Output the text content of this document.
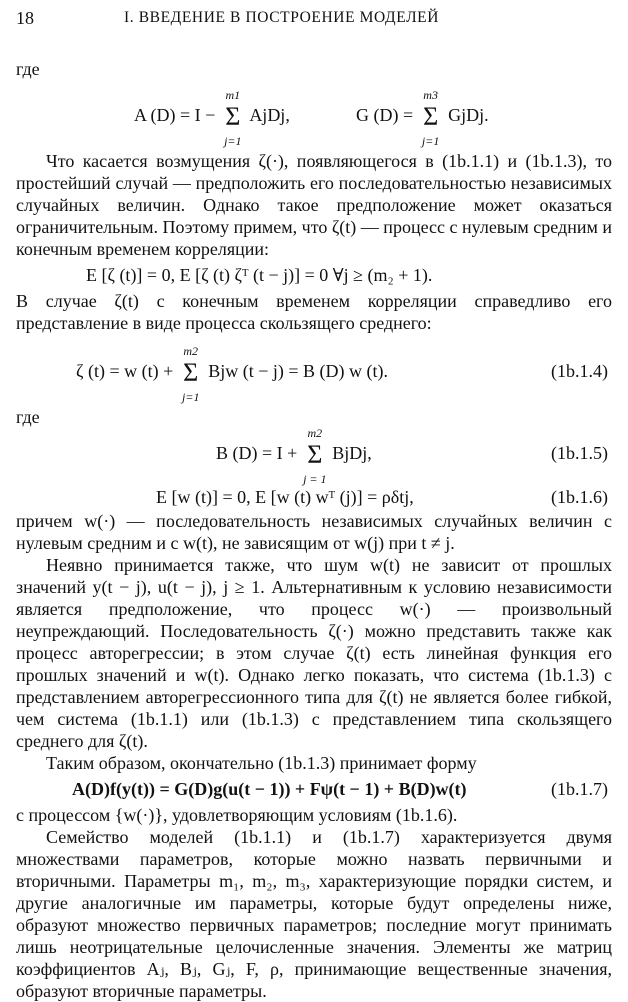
18	I. ВВЕДЕНИЕ В ПОСТРОЕНИЕ МОДЕЛЕЙ
где
A (D) = I −
m1
Σ
j=1
AjDj,	G (D) =
m3
Σ
j=1
GjDj.
Что касается возмущения ζ(·), появляющегося в (1b.1.1) и (1b.1.3), то простейший случай — предположить его последовательностью независимых случайных величин. Однако такое предположение может оказаться ограничительным. Поэтому примем, что ζ(t) — процесс с нулевым средним и конечным временем корреляции:
E [ζ (t)] = 0, E [ζ (t) ζᵀ (t − j)] = 0 ∀j ≥ (m₂ + 1).
В случае ζ(t) с конечным временем корреляции справедливо его представление в виде процесса скользящего среднего:
ζ (t) = w (t) +
m2
Σ
j=1
Bjw (t − j) = B (D) w (t).	(1b.1.4)
где
B (D) = I +
m2
Σ
j = 1
BjDj,	(1b.1.5)
E [w (t)] = 0, E [w (t) wᵀ (j)] = ρδtj,	(1b.1.6)
причем w(·) — последовательность независимых случайных величин с нулевым средним и с w(t), не зависящим от w(j) при t ≠ j.
Неявно принимается также, что шум w(t) не зависит от прошлых значений y(t − j), u(t − j), j ≥ 1. Альтернативным к условию независимости является предположение, что процесс w(·) — произвольный неупреждающий. Последовательность ζ(·) можно представить также как процесс авторегрессии; в этом случае ζ(t) есть линейная функция его прошлых значений и w(t). Однако легко показать, что система (1b.1.3) с представлением авторегрессионного типа для ζ(t) не является более гибкой, чем система (1b.1.1) или (1b.1.3) с представлением типа скользящего среднего для ζ(t).
Таким образом, окончательно (1b.1.3) принимает форму
A(D)f(y(t)) = G(D)g(u(t − 1)) + Fψ(t − 1) + B(D)w(t)	(1b.1.7)
с процессом {w(·)}, удовлетворяющим условиям (1b.1.6).
Семейство моделей (1b.1.1) и (1b.1.7) характеризуется двумя множествами параметров, которые можно назвать первичными и вторичными. Параметры m₁, m₂, m₃, характеризующие порядки систем, и другие аналогичные им параметры, которые будут определены ниже, образуют множество первичных параметров; последние могут принимать лишь неотрицательные целочисленные значения. Элементы же матриц коэффициентов Aⱼ, Bⱼ, Gⱼ, F, ρ, принимающие вещественные значения, образуют вторичные параметры.
